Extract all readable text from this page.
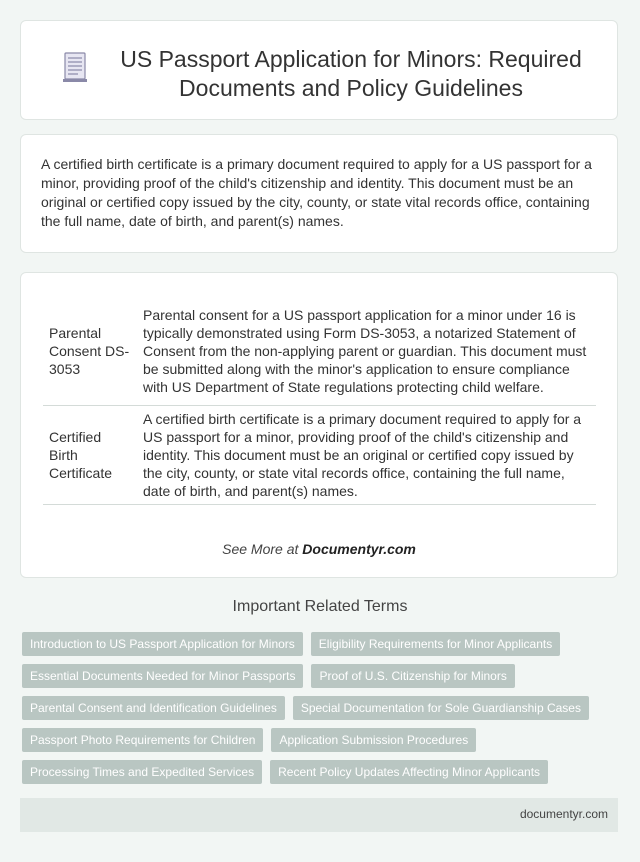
US Passport Application for Minors: Required Documents and Policy Guidelines
A certified birth certificate is a primary document required to apply for a US passport for a minor, providing proof of the child's citizenship and identity. This document must be an original or certified copy issued by the city, county, or state vital records office, containing the full name, date of birth, and parent(s) names.
Parental Consent DS-3053	Parental consent for a US passport application for a minor under 16 is typically demonstrated using Form DS-3053, a notarized Statement of Consent from the non-applying parent or guardian. This document must be submitted along with the minor's application to ensure compliance with US Department of State regulations protecting child welfare.
Certified Birth Certificate	A certified birth certificate is a primary document required to apply for a US passport for a minor, providing proof of the child's citizenship and identity. This document must be an original or certified copy issued by the city, county, or state vital records office, containing the full name, date of birth, and parent(s) names.
See More at Documentyr.com
Important Related Terms
Introduction to US Passport Application for Minors	Eligibility Requirements for Minor Applicants
Essential Documents Needed for Minor Passports	Proof of U.S. Citizenship for Minors
Parental Consent and Identification Guidelines	Special Documentation for Sole Guardianship Cases
Passport Photo Requirements for Children	Application Submission Procedures
Processing Times and Expedited Services	Recent Policy Updates Affecting Minor Applicants
documentyr.com
